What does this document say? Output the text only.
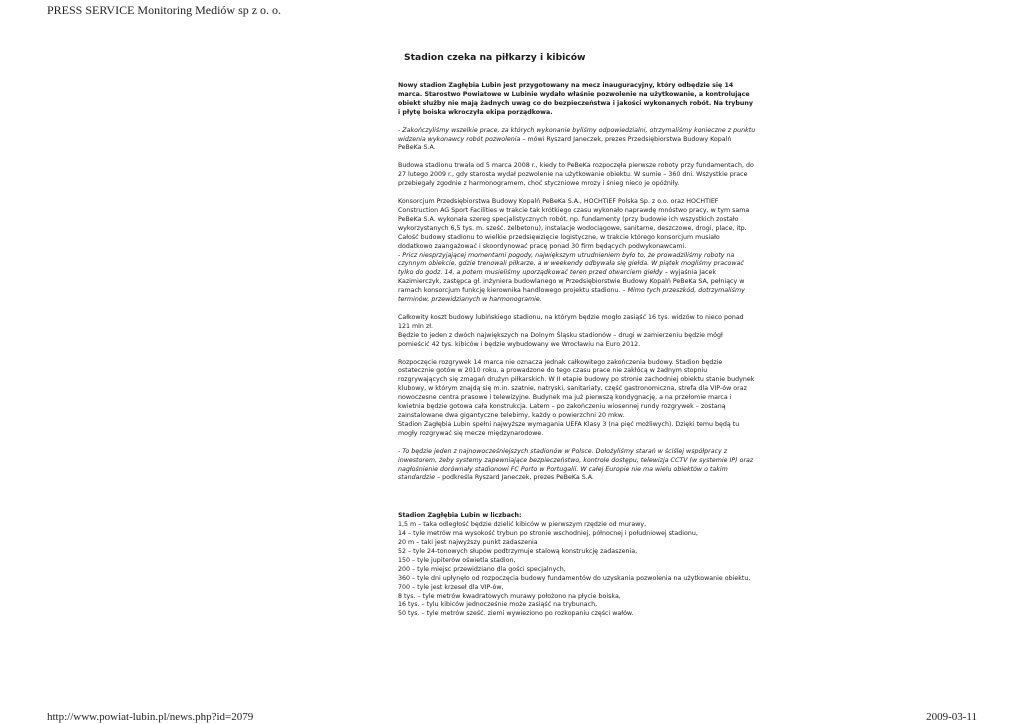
PRESS SERVICE Monitoring Mediów sp z o. o.
Stadion czeka na piłkarzy i kibiców

Nowy stadion Zagłębia Lubin jest przygotowany na mecz inauguracyjny, który odbędzie się 14 marca. Starostwo Powiatowe w Lubinie wydało właśnie pozwolenie na użytkowanie, a kontrolujące obiekt służby nie mają żadnych uwag co do bezpieczeństwa i jakości wykonanych robót. Na trybuny i płytę boiska wkroczyła ekipa porządkowa.

- Zakończyliśmy wszelkie prace, za których wykonanie byliśmy odpowiedzialni, otrzymaliśmy konieczne z punktu widzenia wykonawcy robót pozwolenia – mówi Ryszard Janeczek, prezes Przedsiębiorstwa Budowy Kopalń PeBeKa S.A.

Budowa stadionu trwała od 5 marca 2008 r., kiedy to PeBeKa rozpoczęła pierwsze roboty przy fundamentach, do 27 lutego 2009 r., gdy starosta wydał pozwolenie na użytkowanie obiektu. W sumie – 360 dni. Wszystkie prace przebiegały zgodnie z harmonogramem, choć styczniowe mrozy i śnieg nieco je opóźniły.

Konsorcjum Przedsiębiorstwa Budowy Kopalń PeBeKa S.A., HOCHTIEF Polska Sp. z o.o. oraz HOCHTIEF Construction AG Sport Facilities w trakcie tak krótkiego czasu wykonało naprawdę mnóstwo pracy, w tym sama PeBeKa S.A. wykonała szereg specjalistycznych robót, np. fundamenty (przy budowie ich wszystkich zostało wykorzystanych 6,5 tys. m. sześć. żelbetonu), instalacje wodociągowe, sanitarne, deszczowe, drogi, place, itp.

Całość budowy stadionu to wielkie przedsięwzięcie logistyczne, w trakcie którego konsorcjum musiało dodatkowo zaangażować i skoordynować pracę ponad 30 firm będących podwykonawcami.

- Pricz niesprzyjającej momentami pogody, największym utrudnieniem było to, że prowadziliśmy roboty na czynnym obiekcie, gdzie trenowali piłkarze, a w weekendy odbywała się giełda. W piątek mogliśmy pracować tylko do godz. 14, a potem musieliśmy uporządkować teren przed otwarciem giełdy – wyjaśnia Jacek Kazimierczyk, zastępca gł. inżyniera budowlanego w Przedsiębiorstwie Budowy Kopalń PeBeKa SA, pełniący w ramach konsorcjum funkcję kierownika handlowego projektu stadionu. – Mimo tych przeszkód, dotrzymaliśmy terminów, przewidzianych w harmonogramie.

Całkowity koszt budowy lubińskiego stadionu, na którym będzie mogło zasiąść 16 tys. widzów to nieco ponad 121 mln zł.

Będzie to jeden z dwóch największych na Dolnym Śląsku stadionów – drugi w zamierzeniu będzie mógł pomieścić 42 tys. kibiców i będzie wybudowany we Wrocławiu na Euro 2012.

Rozpoczęcie rozgrywek 14 marca nie oznacza jednak całkowitego zakończenia budowy. Stadion będzie ostatecznie gotów w 2010 roku, a prowadzone do tego czasu prace nie zakłócą w żadnym stopniu rozgrywających się zmagań drużyn piłkarskich. W II etapie budowy po stronie zachodniej obiektu stanie budynek klubowy, w którym znajdą się m.in. szatnie, natryski, sanitariaty, część gastronomiczna, strefa dla VIP-ów oraz nowoczesne centra prasowe i telewizyjne. Budynek ma już pierwszą kondygnację, a na przełomie marca i kwietnia będzie gotowa cała konstrukcja. Latem – po zakończeniu wiosennej rundy rozgrywek – zostaną zainstalowane dwa gigantyczne telebimy, każdy o powierzchni 20 mkw.

Stadion Zagłębia Lubin spełni najwyższe wymagania UEFA Klasy 3 (na pięć możliwych). Dzięki temu będą tu mogły rozgrywać się mecze międzynarodowe.

- To będzie jeden z najnowocześniejszych stadionów w Polsce. Dołożyliśmy starań w ściślej współpracy z inwestorem, żeby systemy zapewniające bezpieczeństwo, kontrole dostępu, telewizja CCTV (w systemie IP) oraz nagłośnienie dorównały stadionowi FC Porto w Portugalii. W całej Europie nie ma wielu obiektów o takim standardzie – podkreśla Ryszard Janeczek, prezes PeBeKa S.A.

Stadion Zagłębia Lubin w liczbach:
1,5 m – taka odległość będzie dzielić kibiców w pierwszym rzędzie od murawy,
14 – tyle metrów ma wysokość trybun po stronie wschodniej, północnej i południowej stadionu,
20 m – taki jest najwyższy punkt zadaszenia
52 – tyle 24-tonowych słupów podtrzymuje stalową konstrukcję zadaszenia,
150 – tyle jupiterów oświetla stadion,
200 – tyle miejsc przewidziano dla gości specjalnych,
360 – tyle dni upłynęło od rozpoczęcia budowy fundamentów do uzyskania pozwolenia na użytkowanie obiektu,
700 – tyle jest krzeseł dla VIP-ów,
8 tys. – tyle metrów kwadratowych murawy położono na płycie boiska,
16 tys. – tylu kibiców jednocześnie może zasiąść na trybunach,
50 tys. – tyle metrów sześć. ziemi wywieziono po rozkopaniu części wałów.
http://www.powiat-lubin.pl/news.php?id=2079	2009-03-11
